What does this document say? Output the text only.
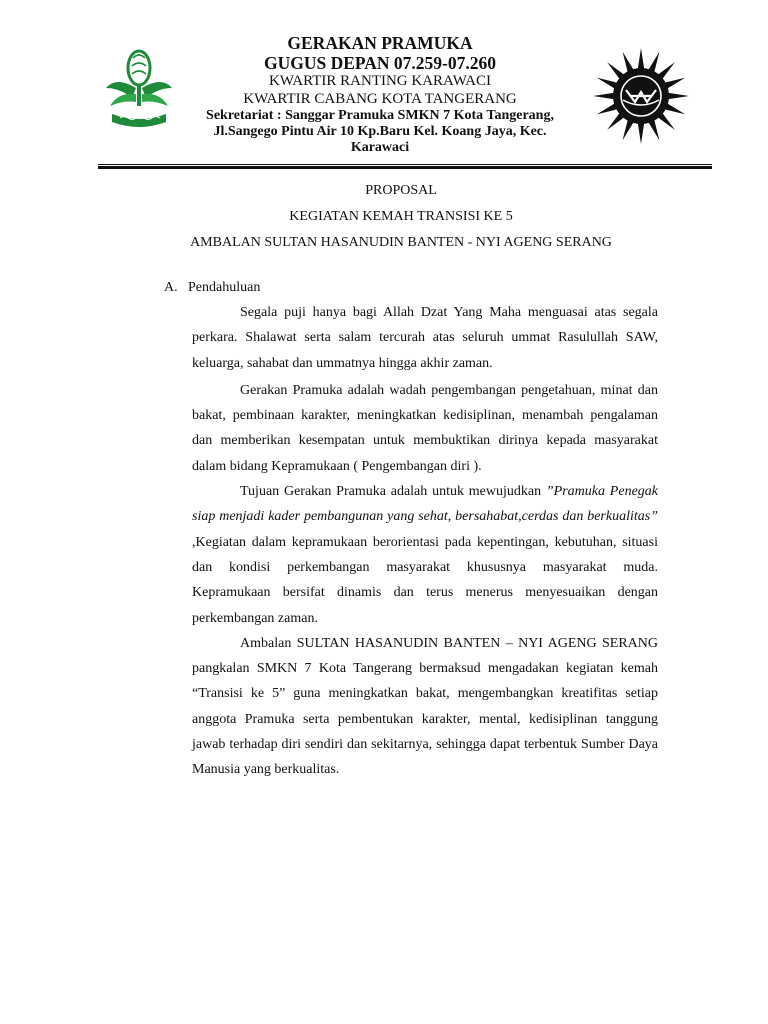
GERAKAN PRAMUKA
GUGUS DEPAN 07.259-07.260
KWARTIR RANTING KARAWACI
KWARTIR CABANG KOTA TANGERANG
Sekretariat : Sanggar Pramuka SMKN 7 Kota Tangerang,
Jl.Sangego Pintu Air 10 Kp.Baru Kel. Koang Jaya, Kec.
Karawaci
PROPOSAL
KEGIATAN KEMAH TRANSISI KE 5
AMBALAN SULTAN HASANUDIN BANTEN - NYI AGENG SERANG
A. Pendahuluan

Segala puji hanya bagi Allah Dzat Yang Maha menguasai atas segala perkara. Shalawat serta salam tercurah atas seluruh ummat Rasulullah SAW, keluarga, sahabat dan ummatnya hingga akhir zaman.

Gerakan Pramuka adalah wadah pengembangan pengetahuan, minat dan bakat, pembinaan karakter, meningkatkan kedisiplinan, menambah pengalaman dan memberikan kesempatan untuk membuktikan dirinya kepada masyarakat dalam bidang Kepramukaan ( Pengembangan diri ).

Tujuan Gerakan Pramuka adalah untuk mewujudkan ”Pramuka Penegak siap menjadi kader pembangunan yang sehat, bersahabat,cerdas dan berkualitas” ,Kegiatan dalam kepramukaan berorientasi pada kepentingan, kebutuhan, situasi dan kondisi perkembangan masyarakat khususnya masyarakat muda. Kepramukaan bersifat dinamis dan terus menerus menyesuaikan dengan perkembangan zaman.

Ambalan SULTAN HASANUDIN BANTEN – NYI AGENG SERANG pangkalan SMKN 7 Kota Tangerang bermaksud mengadakan kegiatan kemah “Transisi ke 5” guna meningkatkan bakat, mengembangkan kreatifitas setiap anggota Pramuka serta pembentukan karakter, mental, kedisiplinan tanggung jawab terhadap diri sendiri dan sekitarnya, sehingga dapat terbentuk Sumber Daya Manusia yang berkualitas.
